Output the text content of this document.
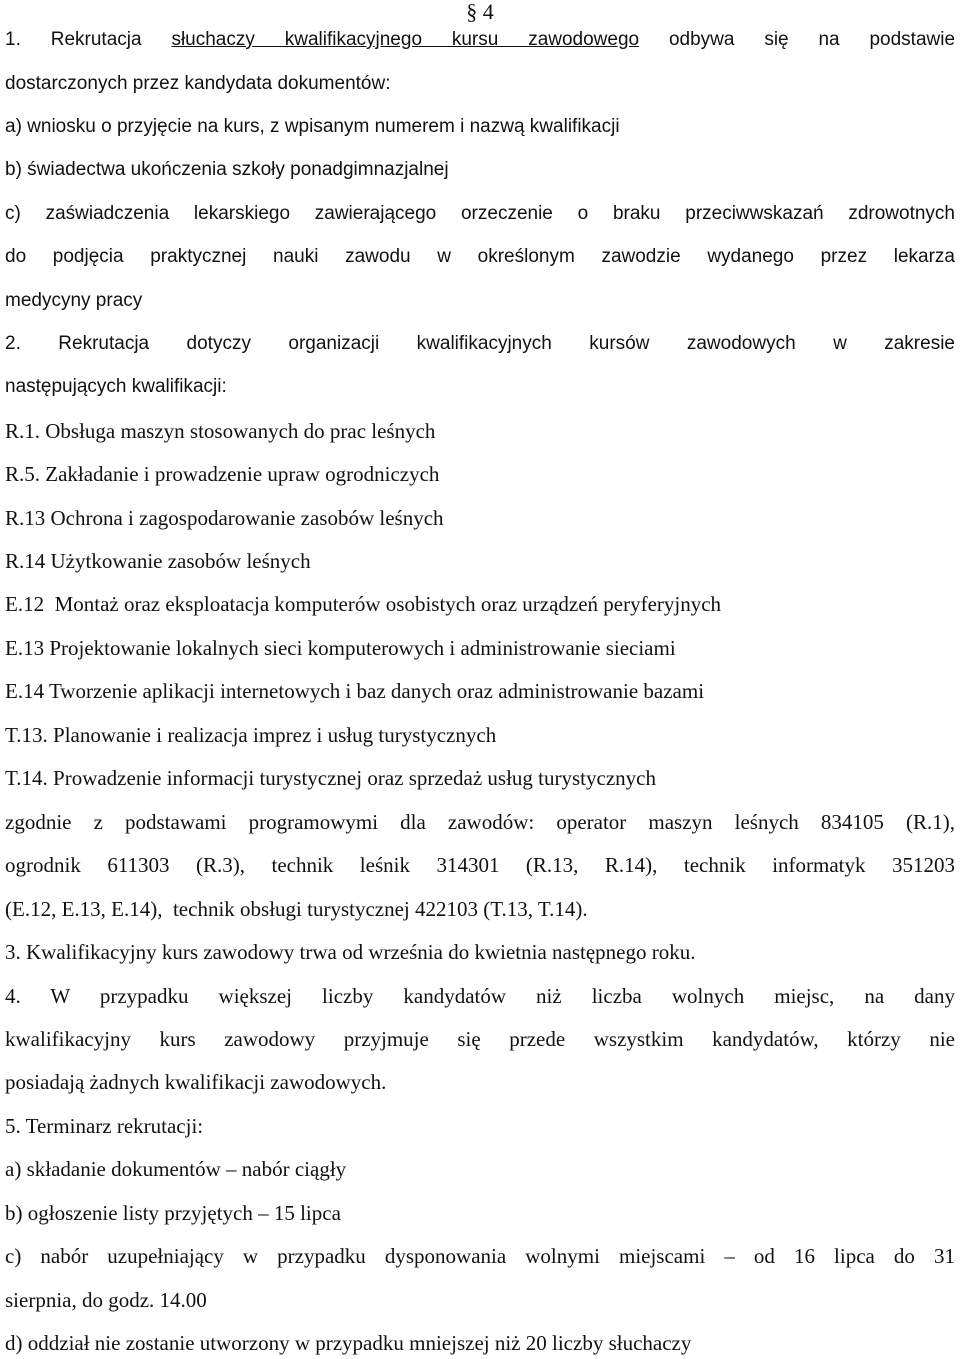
§ 4
1. Rekrutacja słuchaczy kwalifikacyjnego kursu zawodowego odbywa się na podstawie
dostarczonych przez kandydata dokumentów:
a) wniosku o przyjęcie na kurs, z wpisanym numerem i nazwą kwalifikacji
b) świadectwa ukończenia szkoły ponadgimnazjalnej
c) zaświadczenia lekarskiego zawierającego orzeczenie o braku przeciwwskazań zdrowotnych
do podjęcia praktycznej nauki zawodu w określonym zawodzie wydanego przez lekarza
medycyny pracy
2. Rekrutacja dotyczy organizacji kwalifikacyjnych kursów zawodowych w zakresie
następujących kwalifikacji:
R.1. Obsługa maszyn stosowanych do prac leśnych
R.5. Zakładanie i prowadzenie upraw ogrodniczych
R.13 Ochrona i zagospodarowanie zasobów leśnych
R.14 Użytkowanie zasobów leśnych
E.12  Montaż oraz eksploatacja komputerów osobistych oraz urządzeń peryferyjnych
E.13 Projektowanie lokalnych sieci komputerowych i administrowanie sieciami
E.14 Tworzenie aplikacji internetowych i baz danych oraz administrowanie bazami
T.13. Planowanie i realizacja imprez i usług turystycznych
T.14. Prowadzenie informacji turystycznej oraz sprzedaż usług turystycznych
zgodnie z podstawami programowymi dla zawodów: operator maszyn leśnych 834105 (R.1),
ogrodnik 611303 (R.3), technik leśnik 314301 (R.13, R.14), technik informatyk 351203
(E.12, E.13, E.14),  technik obsługi turystycznej 422103 (T.13, T.14).
3. Kwalifikacyjny kurs zawodowy trwa od września do kwietnia następnego roku.
4. W przypadku większej liczby kandydatów niż liczba wolnych miejsc, na dany
kwalifikacyjny kurs zawodowy przyjmuje się przede wszystkim kandydatów, którzy nie
posiadają żadnych kwalifikacji zawodowych.
5. Terminarz rekrutacji:
a) składanie dokumentów – nabór ciągły
b) ogłoszenie listy przyjętych – 15 lipca
c) nabór uzupełniający w przypadku dysponowania wolnymi miejscami – od 16 lipca do 31
sierpnia, do godz. 14.00
d) oddział nie zostanie utworzony w przypadku mniejszej niż 20 liczby słuchaczy
